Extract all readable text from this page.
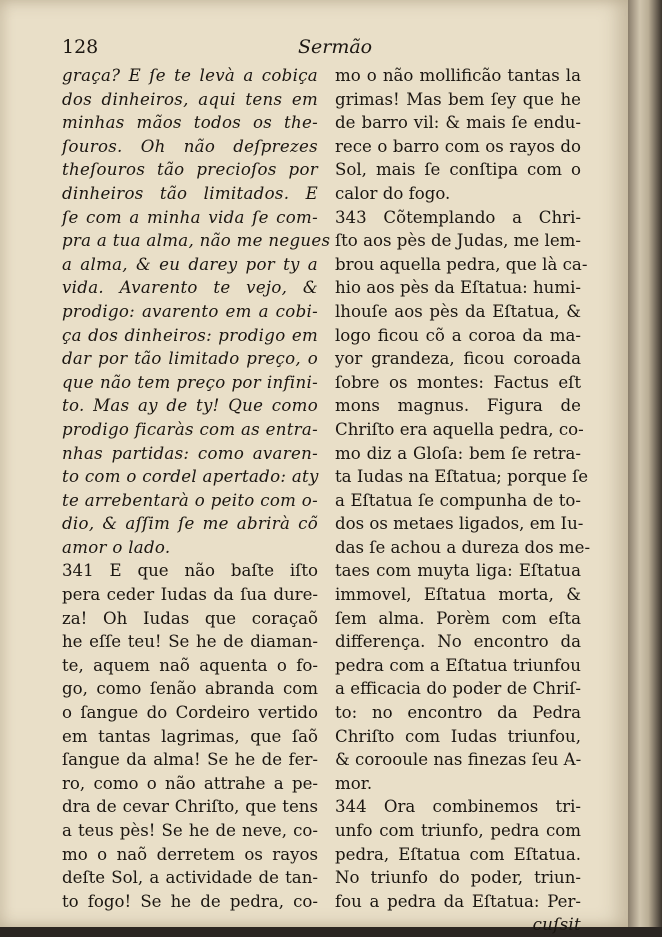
128	Sermão
graça? E ſe te levà a cobiça
dos dinheiros, aqui tens em
minhas mãos todos os the-
ſouros. Oh não deſprezes
theſouros tão precioſos por
dinheiros tão limitados. E
ſe com a minha vida ſe com-
pra a tua alma, não me negues
a alma, & eu darey por ty a
vida. Avarento te vejo, &
prodigo: avarento em a cobi-
ça dos dinheiros: prodigo em
dar por tão limitado preço, o
que não tem preço por infini-
to. Mas ay de ty! Que como
prodigo ficaràs com as entra-
nhas partidas: como avaren-
to com o cordel apertado: aty
te arrebentarà o peito com o-
dio, & aſſim ſe me abrirà cõ
amor o lado.
341 E que não baſte iſto
pera ceder Iudas da ſua dure-
za! Oh Iudas que coraçaõ
he eſſe teu! Se he de diaman-
te, aquem naõ aquenta o fo-
go, como ſenão abranda com
o ſangue do Cordeiro vertido
em tantas lagrimas, que ſaõ
ſangue da alma! Se he de fer-
ro, como o não attrahe a pe-
dra de cevar Chriſto, que tens
a teus pès! Se he de neve, co-
mo o naõ derretem os rayos
deſte Sol, a actividade de tan-
to fogo! Se he de pedra, co-
mo o não mollificão tantas la
grimas! Mas bem ſey que he
de barro vil: & mais ſe endu-
rece o barro com os rayos do
Sol, mais ſe conſtipa com o
calor do fogo.
343 Cõtemplando a Chri-
ſto aos pès de Judas, me lem-
brou aquella pedra, que là ca-
hio aos pès da Eſtatua: humi-
lhouſe aos pès da Eſtatua, &
logo ficou cõ a coroa da ma-
yor grandeza, ficou coroada
ſobre os montes: Factus eſt
mons magnus. Figura de
Chriſto era aquella pedra, co-
mo diz a Gloſa: bem ſe retra-
ta Iudas na Eſtatua; porque ſe
a Eſtatua ſe compunha de to-
dos os metaes ligados, em Iu-
das ſe achou a dureza dos me-
taes com muyta liga: Eſtatua
immovel, Eſtatua morta, &
ſem alma. Porèm com eſta
differença. No encontro da
pedra com a Eſtatua triunfou
a efficacia do poder de Chriſ-
to: no encontro da Pedra
Chriſto com Iudas triunfou,
& corooule nas finezas ſeu A-
mor.
344 Ora combinemos tri-
unfo com triunfo, pedra com
pedra, Eſtatua com Eſtatua.
No triunfo do poder, triun-
fou a pedra da Eſtatua: Per-
cuſsit
